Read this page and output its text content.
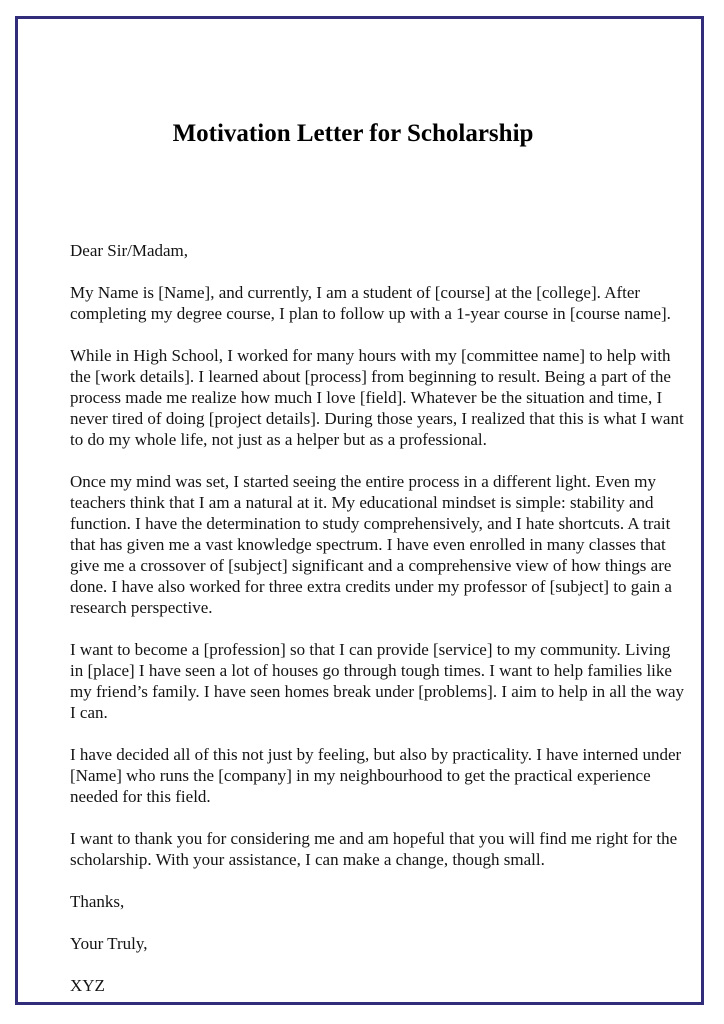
Motivation Letter for Scholarship

Dear Sir/Madam,

My Name is [Name], and currently, I am a student of [course] at the [college]. After completing my degree course, I plan to follow up with a 1-year course in [course name].

While in High School, I worked for many hours with my [committee name] to help with the [work details]. I learned about [process] from beginning to result. Being a part of the process made me realize how much I love [field]. Whatever be the situation and time, I never tired of doing [project details]. During those years, I realized that this is what I want to do my whole life, not just as a helper but as a professional.

Once my mind was set, I started seeing the entire process in a different light. Even my teachers think that I am a natural at it. My educational mindset is simple: stability and function. I have the determination to study comprehensively, and I hate shortcuts. A trait that has given me a vast knowledge spectrum. I have even enrolled in many classes that give me a crossover of [subject] significant and a comprehensive view of how things are done. I have also worked for three extra credits under my professor of [subject] to gain a research perspective.

I want to become a [profession] so that I can provide [service] to my community. Living in [place] I have seen a lot of houses go through tough times. I want to help families like my friend’s family. I have seen homes break under [problems]. I aim to help in all the way I can.

I have decided all of this not just by feeling, but also by practicality. I have interned under [Name] who runs the [company] in my neighbourhood to get the practical experience needed for this field.

I want to thank you for considering me and am hopeful that you will find me right for the scholarship. With your assistance, I can make a change, though small.

Thanks,

Your Truly,

XYZ
